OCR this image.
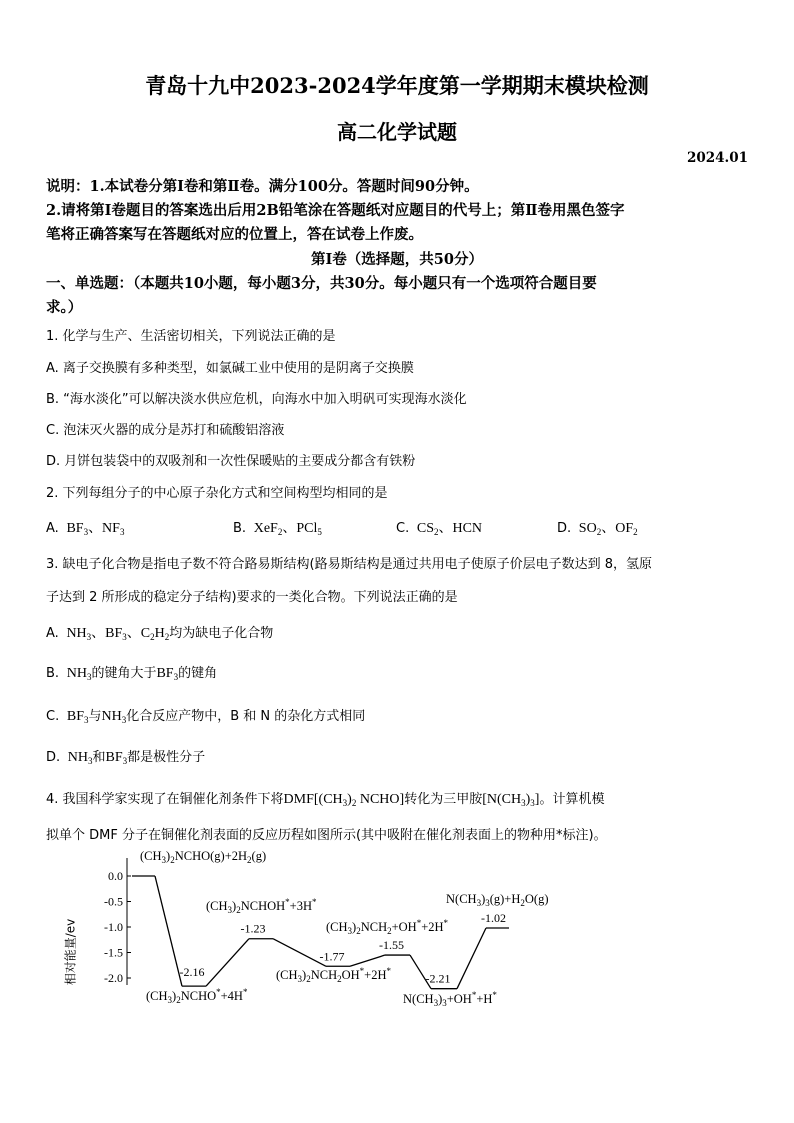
青岛十九中2023-2024学年度第一学期期末模块检测
高二化学试题
2024.01
说明：1.本试卷分第Ⅰ卷和第Ⅱ卷。满分100分。答题时间90分钟。
2.请将第Ⅰ卷题目的答案选出后用2B铅笔涂在答题纸对应题目的代号上；第Ⅱ卷用黑色签字
笔将正确答案写在答题纸对应的位置上，答在试卷上作废。
第Ⅰ卷（选择题，共50分）
一、单选题：（本题共10小题，每小题3分，共30分。每小题只有一个选项符合题目要
求。）
1. 化学与生产、生活密切相关，下列说法正确的是
A. 离子交换膜有多种类型，如氯碱工业中使用的是阴离子交换膜
B. “海水淡化”可以解决淡水供应危机，向海水中加入明矾可实现海水淡化
C. 泡沫灭火器的成分是苏打和硫酸铝溶液
D. 月饼包装袋中的双吸剂和一次性保暖贴的主要成分都含有铁粉
2. 下列每组分子的中心原子杂化方式和空间构型均相同的是
A.  $BF_3$、$NF_3$	B.  XeF$_2$、PCl$_5$	C.  $CS_2$、HCN	D.  $SO_2$、$OF_2$
3. 缺电子化合物是指电子数不符合路易斯结构(路易斯结构是通过共用电子使原子价层电子数达到 8，氢原
子达到 2 所形成的稳定分子结构)要求的一类化合物。下列说法正确的是
A.  $NH_3$、$BF_3$、$C_2H_2$均为缺电子化合物
B.  $NH_3$的键角大于$BF_3$的键角
C.  $BF_3$与$NH_3$化合反应产物中，B 和 N 的杂化方式相同
D.  $NH_3$和$BF_3$都是极性分子
4. 我国科学家实现了在铜催化剂条件下将$DMF[(CH_3)_2$ NCHO]转化为三甲胺$[N(CH_3)_3]$。计算机模
拟单个 DMF 分子在铜催化剂表面的反应历程如图所示(其中吸附在催化剂表面上的物种用*标注)。
0.0
-0.5
-1.0
-1.5
-2.0	-2.16
-1.23
-1.77
-1.55
-2.21
-1.02
相对能量/ev
$(CH_3)_2NCHO(g)+2H_2(g)$
$(CH_3)_2NCHO^*+4H^*$
$(CH_3)_2NCHOH^*+3H^*$
$(CH_3)_2NCH_2OH^*+2H^*$
$(CH_3)_2NCH_2+OH^*+2H^*$
$N(CH_3)_3+OH^*+H^*$
$N(CH_3)_3(g)+H_2O(g)$
